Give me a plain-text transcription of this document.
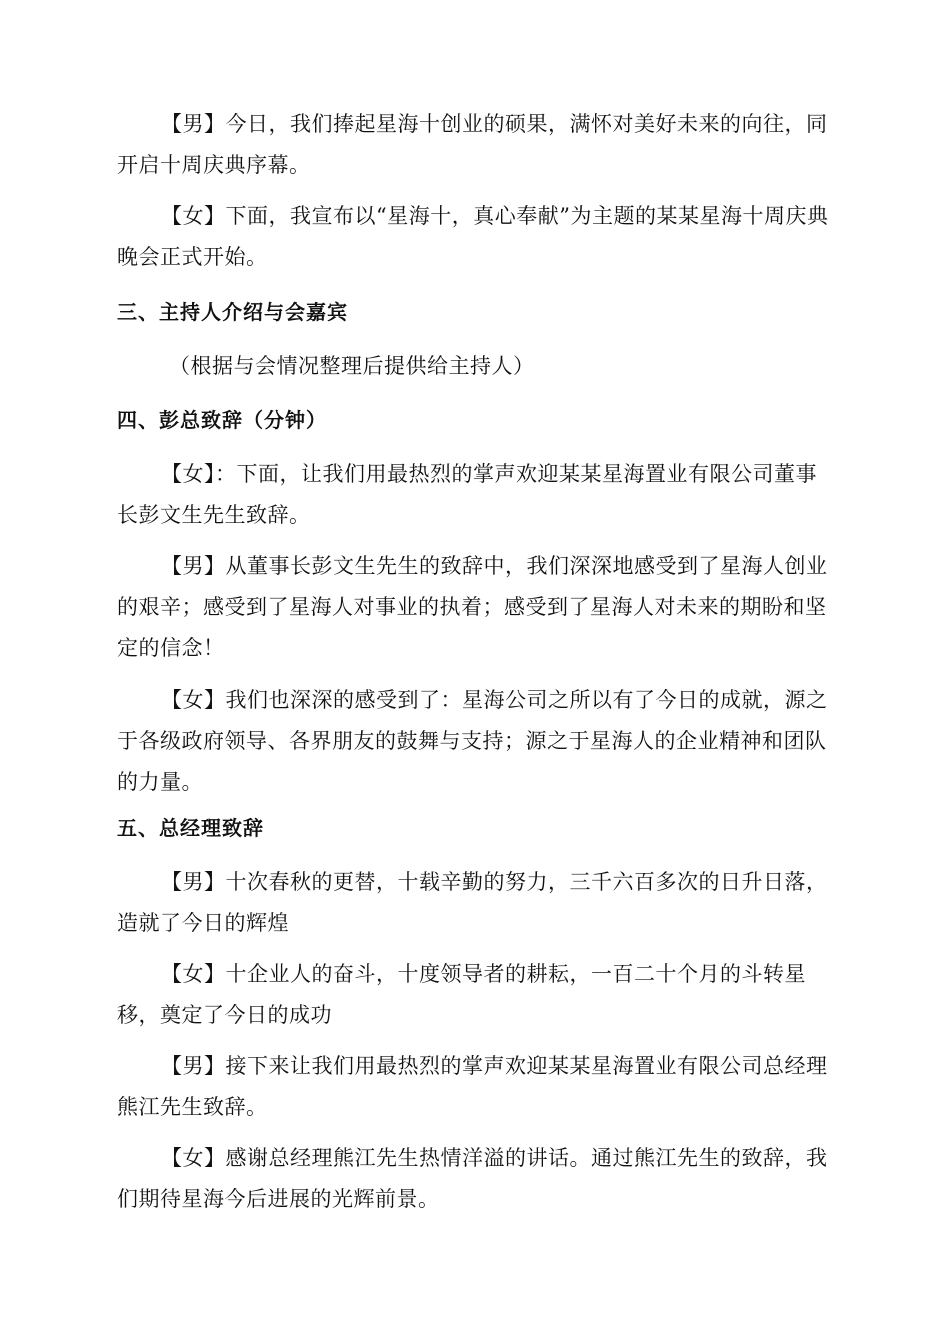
【男】今日，我们捧起星海十创业的硕果，满怀对美好未来的向往，同开启十周庆典序幕。

【女】下面，我宣布以“星海十，真心奉献”为主题的某某星海十周庆典晚会正式开始。

三、主持人介绍与会嘉宾

（根据与会情况整理后提供给主持人）

四、彭总致辞（分钟）

【女】：下面，让我们用最热烈的掌声欢迎某某星海置业有限公司董事长彭文生先生致辞。

【男】从董事长彭文生先生的致辞中，我们深深地感受到了星海人创业的艰辛；感受到了星海人对事业的执着；感受到了星海人对未来的期盼和坚定的信念！

【女】我们也深深的感受到了：星海公司之所以有了今日的成就，源之于各级政府领导、各界朋友的鼓舞与支持；源之于星海人的企业精神和团队的力量。

五、总经理致辞

【男】十次春秋的更替，十载辛勤的努力，三千六百多次的日升日落，造就了今日的辉煌

【女】十企业人的奋斗，十度领导者的耕耘，一百二十个月的斗转星移，奠定了今日的成功

【男】接下来让我们用最热烈的掌声欢迎某某星海置业有限公司总经理熊江先生致辞。

【女】感谢总经理熊江先生热情洋溢的讲话。通过熊江先生的致辞，我们期待星海今后进展的光辉前景。
